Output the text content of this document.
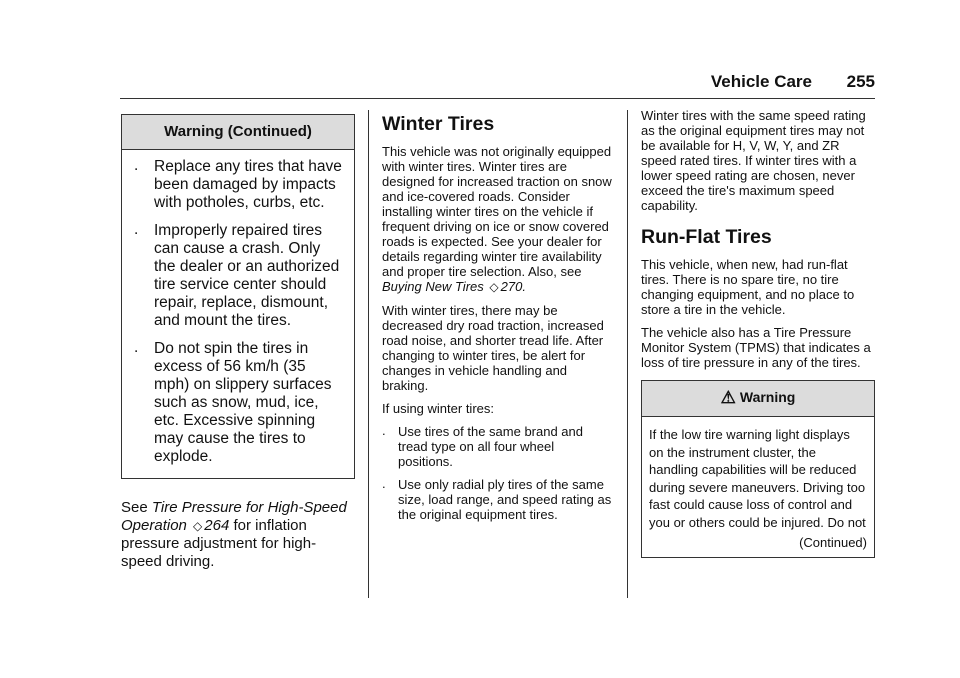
Vehicle Care 255
Warning (Continued)
. Replace any tires that have been damaged by impacts with potholes, curbs, etc.
. Improperly repaired tires can cause a crash. Only the dealer or an authorized tire service center should repair, replace, dismount, and mount the tires.
. Do not spin the tires in excess of 56 km/h (35 mph) on slippery surfaces such as snow, mud, ice, etc. Excessive spinning may cause the tires to explode.

See Tire Pressure for High-Speed Operation ◇ 264 for inflation pressure adjustment for high-speed driving.

Winter Tires

This vehicle was not originally equipped with winter tires. Winter tires are designed for increased traction on snow and ice-covered roads. Consider installing winter tires on the vehicle if frequent driving on ice or snow covered roads is expected. See your dealer for details regarding winter tire availability and proper tire selection. Also, see Buying New Tires ◇ 270.

With winter tires, there may be decreased dry road traction, increased road noise, and shorter tread life. After changing to winter tires, be alert for changes in vehicle handling and braking.

If using winter tires:

. Use tires of the same brand and tread type on all four wheel positions.
. Use only radial ply tires of the same size, load range, and speed rating as the original equipment tires.

Winter tires with the same speed rating as the original equipment tires may not be available for H, V, W, Y, and ZR speed rated tires. If winter tires with a lower speed rating are chosen, never exceed the tire's maximum speed capability.

Run-Flat Tires

This vehicle, when new, had run-flat tires. There is no spare tire, no tire changing equipment, and no place to store a tire in the vehicle.

The vehicle also has a Tire Pressure Monitor System (TPMS) that indicates a loss of tire pressure in any of the tires.

⚠ Warning
If the low tire warning light displays on the instrument cluster, the handling capabilities will be reduced during severe maneuvers. Driving too fast could cause loss of control and you or others could be injured. Do not
(Continued)
